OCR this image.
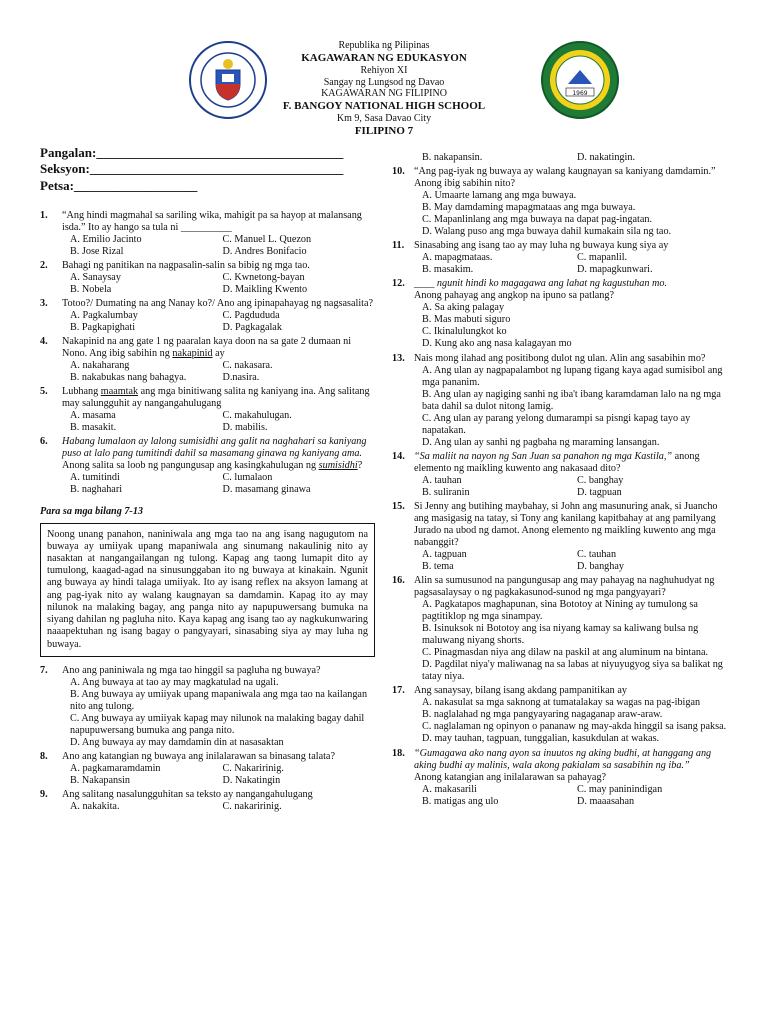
1969
Republika ng Pilipinas
KAGAWARAN NG EDUKASYON
Rehiyon XI
Sangay ng Lungsod ng Davao
KAGAWARAN NG FILIPINO
F. BANGOY NATIONAL HIGH SCHOOL
Km 9, Sasa Davao City
FILIPINO 7
Pangalan:______________________________________
Seksyon:_______________________________________
Petsa:___________________
1.	“Ang hindi magmahal sa sariling wika, mahigit pa sa hayop at malansang isda.” Ito ay hango sa tula ni __________
A. Emilio Jacinto	C. Manuel L. Quezon
B. Jose Rizal	D. Andres Bonifacio
2.	Bahagi ng panitikan na nagpasalin-salin sa bibig ng mga tao.
A. Sanaysay	C. Kwnetong-bayan
B. Nobela	D. Maikling Kwento
3.	Totoo?/ Dumating na ang Nanay ko?/ Ano ang ipinapahayag ng nagsasalita?
A. Pagkalumbay	C. Pagdududa
B. Pagkapighati	D. Pagkagalak
4.	Nakapinid na ang gate 1 ng paaralan kaya doon na sa gate 2 dumaan ni Nono. Ang ibig sabihin ng nakapinid ay
A. nakaharang	C. nakasara.
B. nakabukas nang bahagya.	D.nasira.
5.	Lubhang maamtak ang mga binitiwang salita ng kaniyang ina. Ang salitang may salungguhit ay nangangahulugang
A. masama	C. makahulugan.
B. masakit.	D. mabilis.
6.	Habang lumalaon ay lalong sumisidhi ang galit na naghahari sa kaniyang puso at lalo pang tumitindi dahil sa masamang ginawa ng kaniyang ama.
Anong salita sa loob ng pangungusap ang kasingkahulugan ng sumisidhi?
A. tumitindi	C. lumalaon
B. naghahari	D. masamang ginawa
Para sa mga bilang 7-13
Noong unang panahon, naniniwala ang mga tao na ang isang nagugutom na buwaya ay umiiyak upang mapaniwala ang sinumang nakaulinig nito ay nasaktan at nangangailangan ng tulong. Kapag ang taong lumapit dito ay tumulong, kaagad-agad na sinusunggaban ito ng buwaya at kinakain. Ngunit ang buwaya ay hindi talaga umiiyak. Ito ay isang reflex na aksyon lamang at ang pag-iyak nito ay walang kaugnayan sa damdamin. Kapag ito ay may nilunok na malaking bagay, ang panga nito ay napupuwersang bumuka na siyang dahilan ng pagluha nito. Kaya kapag ang isang tao ay nagkukunwaring naaapektuhan ng isang bagay o pangyayari, sinasabing siya ay may luha ng buwaya.
7.	Ano ang paniniwala ng mga tao hinggil sa pagluha ng buwaya?
A. Ang buwaya at tao ay may magkatulad na ugali.
B. Ang buwaya ay umiiyak upang mapaniwala ang mga tao na kailangan nito ang tulong.
C. Ang buwaya ay umiiyak kapag may nilunok na malaking bagay dahil napupuwersang bumuka ang panga nito.
D. Ang buwaya ay may damdamin din at nasasaktan
8.	Ano ang katangian ng buwaya ang inilalarawan sa binasang talata?
A. pagkamaramdamin	C. Nakaririnig.
B. Nakapansin	D. Nakatingin
9.	Ang salitang nasalungguhitan sa teksto ay nangangahulugang
A. nakakita.	C. nakaririnig.
B. nakapansin.	D. nakatingin.
10. “Ang pag-iyak ng buwaya ay walang kaugnayan sa kaniyang damdamin.” Anong ibig sabihin nito?
A. Umaarte lamang ang mga buwaya.
B. May damdaming mapagmataas ang mga buwaya.
C. Mapanlinlang ang mga buwaya na dapat pag-ingatan.
D. Walang puso ang mga buwaya dahil kumakain sila ng tao.
11. Sinasabing ang isang tao ay may luha ng buwaya kung siya ay
A. mapagmataas.	C. mapanlil.
B. masakim.	D. mapagkunwari.
12. ____ ngunit hindi ko magagawa ang lahat ng kagustuhan mo.
Anong pahayag ang angkop na ipuno sa patlang?
A. Sa aking palagay
B. Mas mabuti siguro
C. Ikinalulungkot ko
D. Kung ako ang nasa kalagayan mo
13. Nais mong ilahad ang positibong dulot ng ulan. Alin ang sasabihin mo?
A. Ang ulan ay nagpapalambot ng lupang tigang kaya agad sumisibol ang mga pananim.
B. Ang ulan ay nagiging sanhi ng iba't ibang karamdaman lalo na ng mga bata dahil sa dulot nitong lamig.
C. Ang ulan ay parang yelong dumarampi sa pisngi kapag tayo ay napatakan.
D. Ang ulan ay sanhi ng pagbaha ng maraming lansangan.
14. “Sa maliit na nayon ng San Juan sa panahon ng mga Kastila,” anong elemento ng maikling kuwento ang nakasaad dito?
A. tauhan	C. banghay
B. suliranin	D. tagpuan
15. Si Jenny ang butihing maybahay, si John ang masunuring anak, si Juancho ang masigasig na tatay, si Tony ang kanilang kapitbahay at ang pamilyang Jurado na ubod ng damot. Anong elemento ng maikling kuwento ang mga nabanggit?
A. tagpuan	C. tauhan
B. tema	D. banghay
16. Alin sa sumusunod na pangungusap ang may pahayag na naghuhudyat ng pagsasalaysay o ng pagkakasunod-sunod ng mga pangyayari?
A. Pagkatapos maghapunan, sina Bototoy at Nining ay tumulong sa pagtitiklop ng mga sinampay.
B. Isinuksok ni Bototoy ang isa niyang kamay sa kaliwang bulsa ng maluwang niyang shorts.
C. Pinagmasdan niya ang dilaw na paskil at ang aluminum na bintana.
D. Pagdilat niya'y maliwanag na sa labas at niyuyugyog siya sa balikat ng tatay niya.
17. Ang sanaysay, bilang isang akdang pampanitikan ay
A. nakasulat sa mga saknong at tumatalakay sa wagas na pag-ibigan
B. naglalahad ng mga pangyayaring nagaganap araw-araw.
C. naglalaman ng opinyon o pananaw ng may-akda hinggil sa isang paksa.
D. may tauhan, tagpuan, tunggalian, kasukdulan at wakas.
18. “Gumagawa ako nang ayon sa inuutos ng aking budhi, at hanggang ang aking budhi ay malinis, wala akong pakialam sa sasabihin ng iba.”
Anong katangian ang inilalarawan sa pahayag?
A. makasarili	C. may paninindigan
B. matigas ang ulo	D. maaasahan
